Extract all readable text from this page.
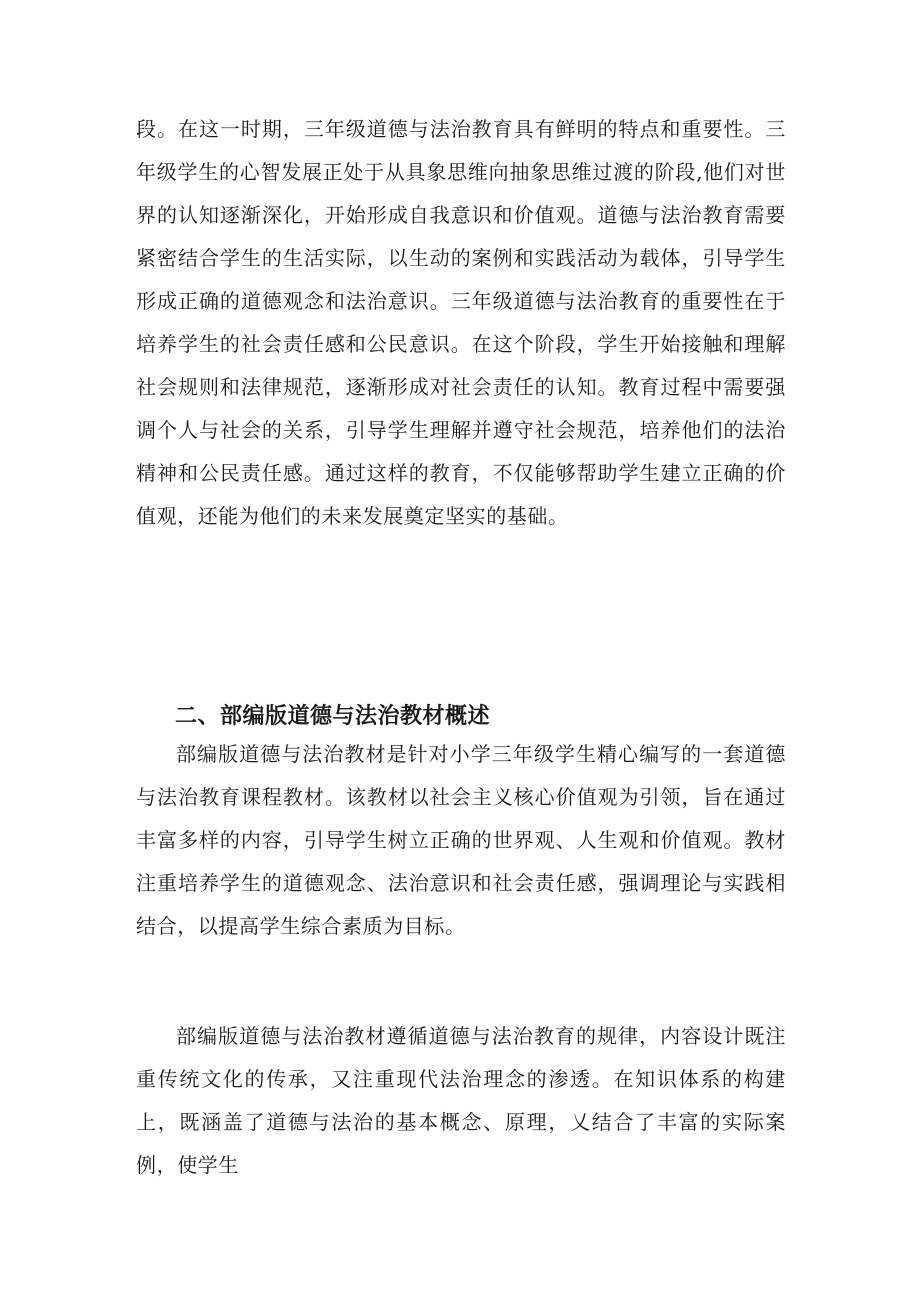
段。在这一时期，三年级道德与法治教育具有鲜明的特点和重要性。三年级学生的心智发展正处于从具象思维向抽象思维过渡的阶段,他们对世界的认知逐渐深化，开始形成自我意识和价值观。道德与法治教育需要紧密结合学生的生活实际，以生动的案例和实践活动为载体，引导学生形成正确的道德观念和法治意识。三年级道德与法治教育的重要性在于培养学生的社会责任感和公民意识。在这个阶段，学生开始接触和理解社会规则和法律规范，逐渐形成对社会责任的认知。教育过程中需要强调个人与社会的关系，引导学生理解并遵守社会规范，培养他们的法治精神和公民责任感。通过这样的教育，不仅能够帮助学生建立正确的价值观，还能为他们的未来发展奠定坚实的基础。

二、部编版道德与法治教材概述

部编版道德与法治教材是针对小学三年级学生精心编写的一套道德与法治教育课程教材。该教材以社会主义核心价值观为引领，旨在通过丰富多样的内容，引导学生树立正确的世界观、人生观和价值观。教材注重培养学生的道德观念、法治意识和社会责任感，强调理论与实践相结合，以提高学生综合素质为目标。

部编版道德与法治教材遵循道德与法治教育的规律，内容设计既注重传统文化的传承，又注重现代法治理念的渗透。在知识体系的构建上，既涵盖了道德与法治的基本概念、原理，乂结合了丰富的实际案例，使学生
